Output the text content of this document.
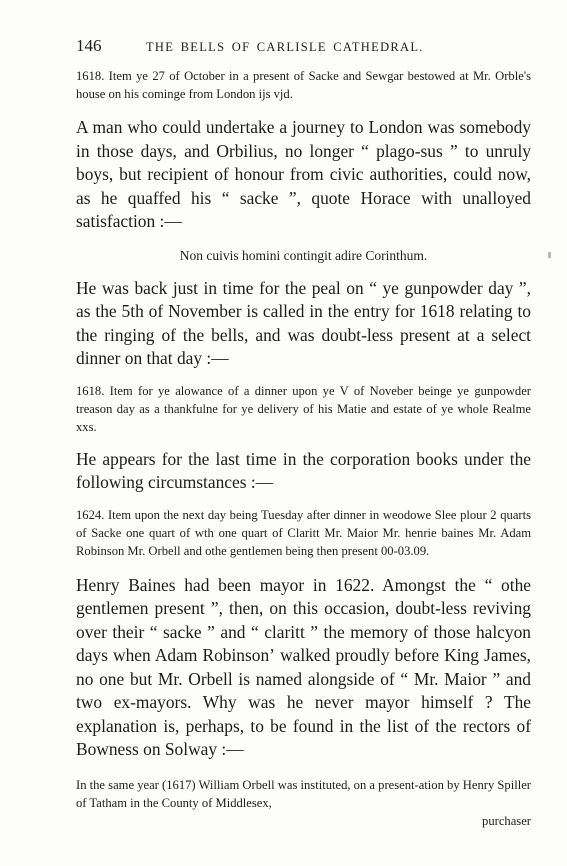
146	THE BELLS OF CARLISLE CATHEDRAL.

1618. Item ye 27 of October in a present of Sacke and Sewgar bestowed at Mr. Orble's house on his cominge from London ijs vjd.

A man who could undertake a journey to London was somebody in those days, and Orbilius, no longer “ plago-sus ” to unruly boys, but recipient of honour from civic authorities, could now, as he quaffed his “ sacke ”, quote Horace with unalloyed satisfaction :—

Non cuivis homini contingit adire Corinthum.

He was back just in time for the peal on “ ye gunpowder day ”, as the 5th of November is called in the entry for 1618 relating to the ringing of the bells, and was doubt-less present at a select dinner on that day :—

1618. Item for ye alowance of a dinner upon ye V of Noveber beinge ye gunpowder treason day as a thankfulne for ye delivery of his Matie and estate of ye whole Realme xxs.

He appears for the last time in the corporation books under the following circumstances :—

1624. Item upon the next day being Tuesday after dinner in weodowe Slee plour 2 quarts of Sacke one quart of wth one quart of Claritt Mr. Maior Mr. henrie baines Mr. Adam Robinson Mr. Orbell and othe gentlemen being then present 00-03.09.

Henry Baines had been mayor in 1622. Amongst the “ othe gentlemen present ”, then, on this occasion, doubt-less reviving over their “ sacke ” and “ claritt ” the memory of those halcyon days when Adam Robinsonʼ walked proudly before King James, no one but Mr. Orbell is named alongside of “ Mr. Maior ” and two ex-mayors. Why was he never mayor himself ? The explanation is, perhaps, to be found in the list of the rectors of Bowness on Solway :—

In the same year (1617) William Orbell was instituted, on a present-ation by Henry Spiller of Tatham in the County of Middlesex,

purchaser
